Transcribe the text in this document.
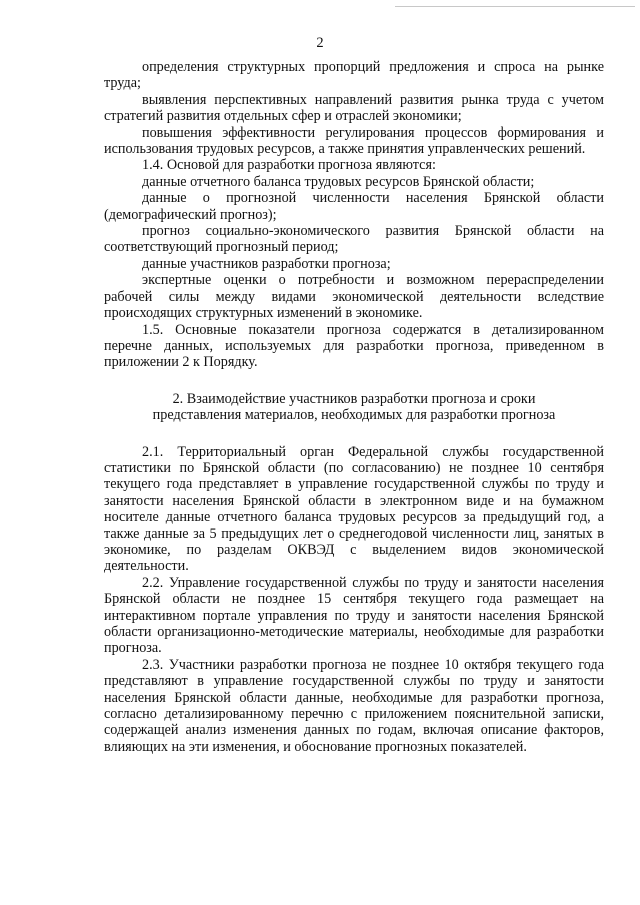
2

определения структурных пропорций предложения и спроса на рынке труда;

выявления перспективных направлений развития рынка труда с учетом стратегий развития отдельных сфер и отраслей экономики;

повышения эффективности регулирования процессов формирования и использования трудовых ресурсов, а также принятия управленческих решений.

1.4. Основой для разработки прогноза являются:

данные отчетного баланса трудовых ресурсов Брянской области;

данные о прогнозной численности населения Брянской области (демографический прогноз);

прогноз социально-экономического развития Брянской области на соответствующий прогнозный период;

данные участников разработки прогноза;

экспертные оценки о потребности и возможном перераспределении рабочей силы между видами экономической деятельности вследствие происходящих структурных изменений в экономике.

1.5. Основные показатели прогноза содержатся в детализированном перечне данных, используемых для разработки прогноза, приведенном в приложении 2 к Порядку.

2. Взаимодействие участников разработки прогноза и сроки
представления материалов, необходимых для разработки прогноза

2.1. Территориальный орган Федеральной службы государственной статистики по Брянской области (по согласованию) не позднее 10 сентября текущего года представляет в управление государственной службы по труду и занятости населения Брянской области в электронном виде и на бумажном носителе данные отчетного баланса трудовых ресурсов за предыдущий год, а также данные за 5 предыдущих лет о среднегодовой численности лиц, занятых в экономике, по разделам ОКВЭД с выделением видов экономической деятельности.

2.2. Управление государственной службы по труду и занятости населения Брянской области не позднее 15 сентября текущего года размещает на интерактивном портале управления по труду и занятости населения Брянской области организационно-методические материалы, необходимые для разработки прогноза.

2.3. Участники разработки прогноза не позднее 10 октября текущего года представляют в управление государственной службы по труду и занятости населения Брянской области данные, необходимые для разработки прогноза, согласно детализированному перечню с приложением пояснительной записки, содержащей анализ изменения данных по годам, включая описание факторов, влияющих на эти изменения, и обоснование прогнозных показателей.
